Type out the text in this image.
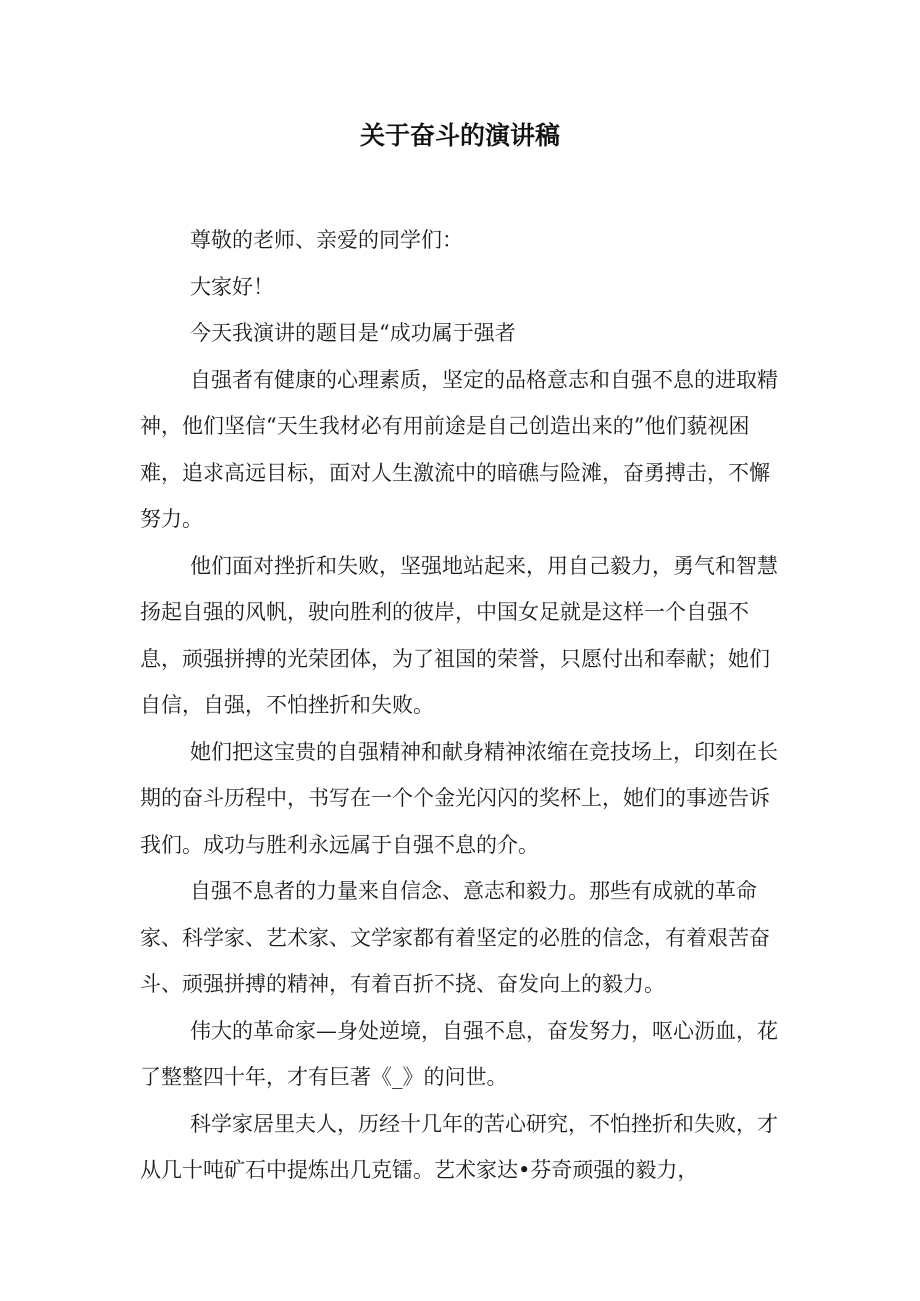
关于奋斗的演讲稿

尊敬的老师、亲爱的同学们：

大家好！

今天我演讲的题目是“成功属于强者

自强者有健康的心理素质，坚定的品格意志和自强不息的进取精神，他们坚信“天生我材必有用前途是自己创造出来的”他们藐视困难，追求高远目标，面对人生激流中的暗礁与险滩，奋勇搏击，不懈努力。

他们面对挫折和失败，坚强地站起来，用自己毅力，勇气和智慧扬起自强的风帆，驶向胜利的彼岸，中国女足就是这样一个自强不息，顽强拼搏的光荣团体，为了祖国的荣誉，只愿付出和奉献；她们自信，自强，不怕挫折和失败。

她们把这宝贵的自强精神和献身精神浓缩在竞技场上，印刻在长期的奋斗历程中，书写在一个个金光闪闪的奖杯上，她们的事迹告诉我们。成功与胜利永远属于自强不息的介。

自强不息者的力量来自信念、意志和毅力。那些有成就的革命家、科学家、艺术家、文学家都有着坚定的必胜的信念，有着艰苦奋斗、顽强拼搏的精神，有着百折不挠、奋发向上的毅力。

伟大的革命家—身处逆境，自强不息，奋发努力，呕心沥血，花了整整四十年，才有巨著《_》的问世。

科学家居里夫人，历经十几年的苦心研究，不怕挫折和失败，才从几十吨矿石中提炼出几克镭。艺术家达•芬奇顽强的毅力，
